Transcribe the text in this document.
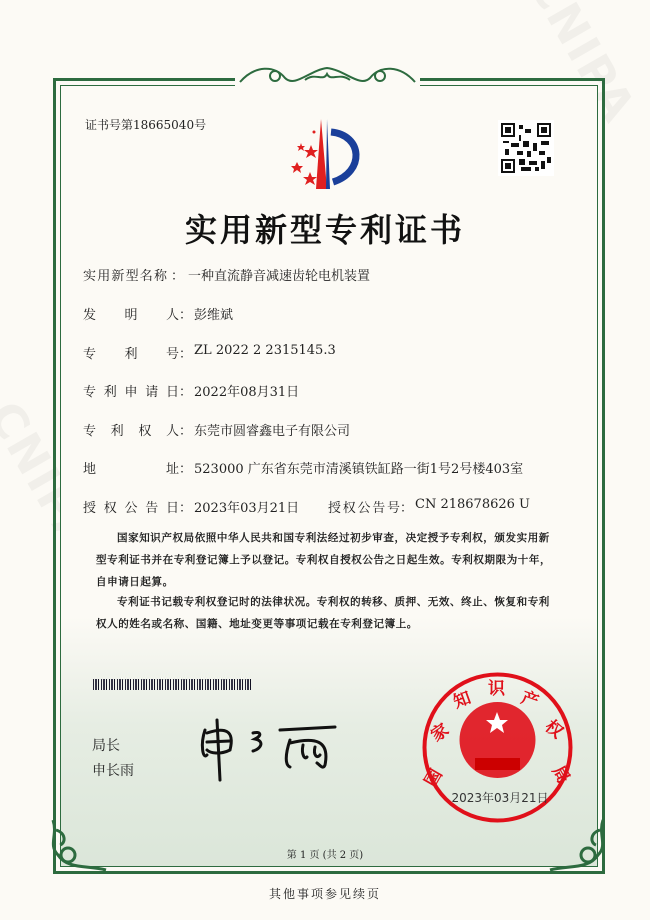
证书号第18665040号
实用新型专利证书
实用新型名称 ： 一种直流静音减速齿轮电机装置
发明人 ： 彭维斌
专利号 ： ZL 2022 2 2315145.3
专利申请日 ： 2022年08月31日
专利权人 ： 东莞市圆睿鑫电子有限公司
地址 ： 523000 广东省东莞市清溪镇铁缸路一街1号2号楼403室
授权公告日 ： 2023年03月21日 授权公告号 ： CN 218678626 U
国家知识产权局依照中华人民共和国专利法经过初步审查，决定授予专利权，颁发实用新型专利证书并在专利登记簿上予以登记。专利权自授权公告之日起生效。专利权期限为十年，自申请日起算。
专利证书记载专利权登记时的法律状况。专利权的转移、质押、无效、终止、恢复和专利权人的姓名或名称、国籍、地址变更等事项记载在专利登记簿上。
局长
申长雨	国
家
知 识 产
权
局
2023年03月21日
第 1 页 (共 2 页)
其他事项参见续页
